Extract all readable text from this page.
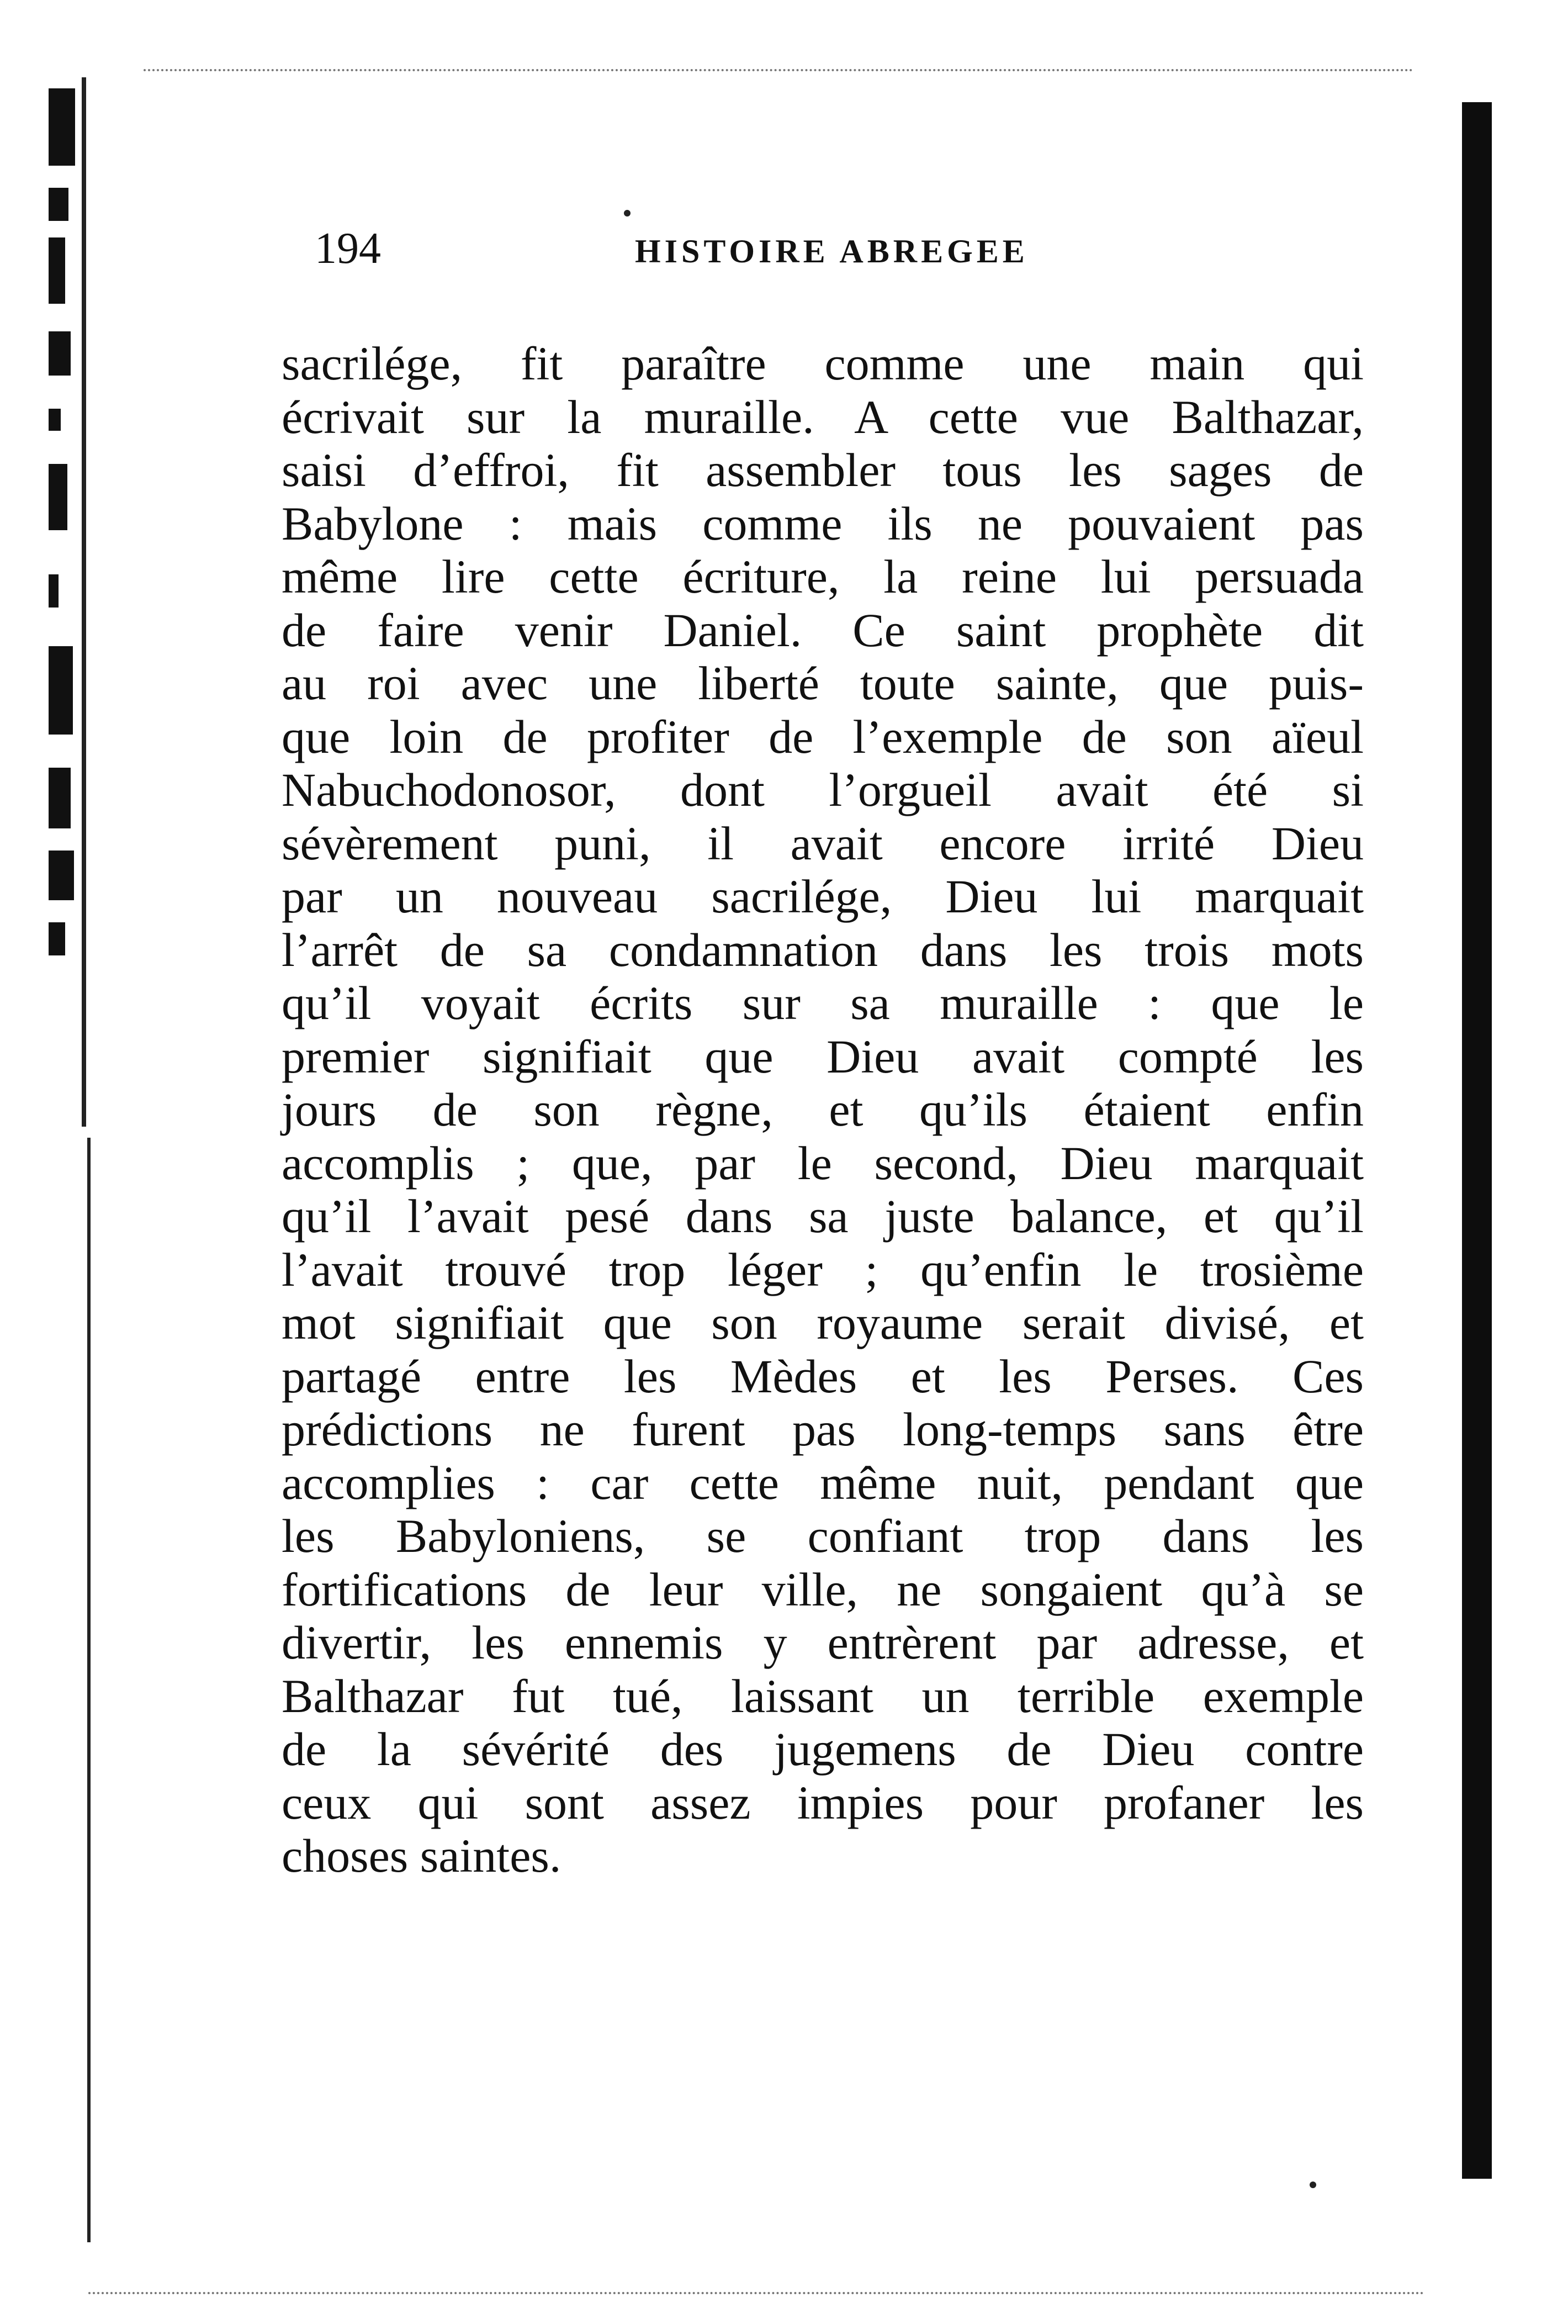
194	HISTOIRE ABREGEE
sacrilége, fit paraître comme une main qui
écrivait sur la muraille. A cette vue Balthazar,
saisi d’effroi, fit assembler tous les sages de
Babylone : mais comme ils ne pouvaient pas
même lire cette écriture, la reine lui persuada
de faire venir Daniel. Ce saint prophète dit
au roi avec une liberté toute sainte, que puis-
que loin de profiter de l’exemple de son aïeul
Nabuchodonosor, dont l’orgueil avait été si
sévèrement puni, il avait encore irrité Dieu
par un nouveau sacrilége, Dieu lui marquait
l’arrêt de sa condamnation dans les trois mots
qu’il voyait écrits sur sa muraille : que le
premier signifiait que Dieu avait compté les
jours de son règne, et qu’ils étaient enfin
accomplis ; que, par le second, Dieu marquait
qu’il l’avait pesé dans sa juste balance, et qu’il
l’avait trouvé trop léger ; qu’enfin le trosième
mot signifiait que son royaume serait divisé, et
partagé entre les Mèdes et les Perses. Ces
prédictions ne furent pas long-temps sans être
accomplies : car cette même nuit, pendant que
les Babyloniens, se confiant trop dans les
fortifications de leur ville, ne songaient qu’à se
divertir, les ennemis y entrèrent par adresse, et
Balthazar fut tué, laissant un terrible exemple
de la sévérité des jugemens de Dieu contre
ceux qui sont assez impies pour profaner les
choses saintes.
